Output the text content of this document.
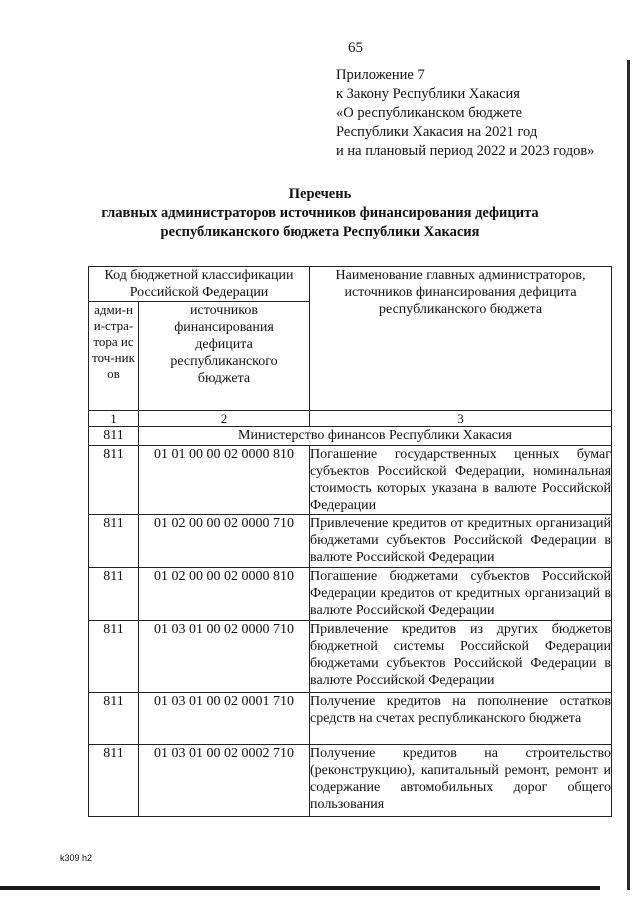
65
Приложение 7
к Закону Республики Хакасия
«О республиканском бюджете
Республики Хакасия на 2021 год
и на плановый период 2022 и 2023 годов»
Перечень
главных администраторов источников финансирования дефицита
республиканского бюджета Республики Хакасия
Код бюджетной классификации Российской Федерации		Наименование главных администраторов, источников финансирования дефицита республиканского бюджета
адми-ни-стра-тора источ-ников	источников финансирования дефицита республиканского бюджета	
1	2	3
811	Министерство финансов Республики Хакасия	
811	01 01 00 00 02 0000 810	Погашение государственных ценных бумаг субъектов Российской Федерации, номинальная стоимость которых указана в валюте Российской Федерации
811	01 02 00 00 02 0000 710	Привлечение кредитов от кредитных организаций бюджетами субъектов Российской Федерации в валюте Российской Федерации
811	01 02 00 00 02 0000 810	Погашение бюджетами субъектов Российской Федерации кредитов от кредитных организаций в валюте Российской Федерации
811	01 03 01 00 02 0000 710	Привлечение кредитов из других бюджетов бюджетной системы Российской Федерации бюджетами субъектов Российской Федерации в валюте Российской Федерации
811	01 03 01 00 02 0001 710	Получение кредитов на пополнение остатков средств на счетах республиканского бюджета
811	01 03 01 00 02 0002 710	Получение кредитов на строительство (реконструкцию), капитальный ремонт, ремонт и содержание автомобильных дорог общего пользования
k309 h2
